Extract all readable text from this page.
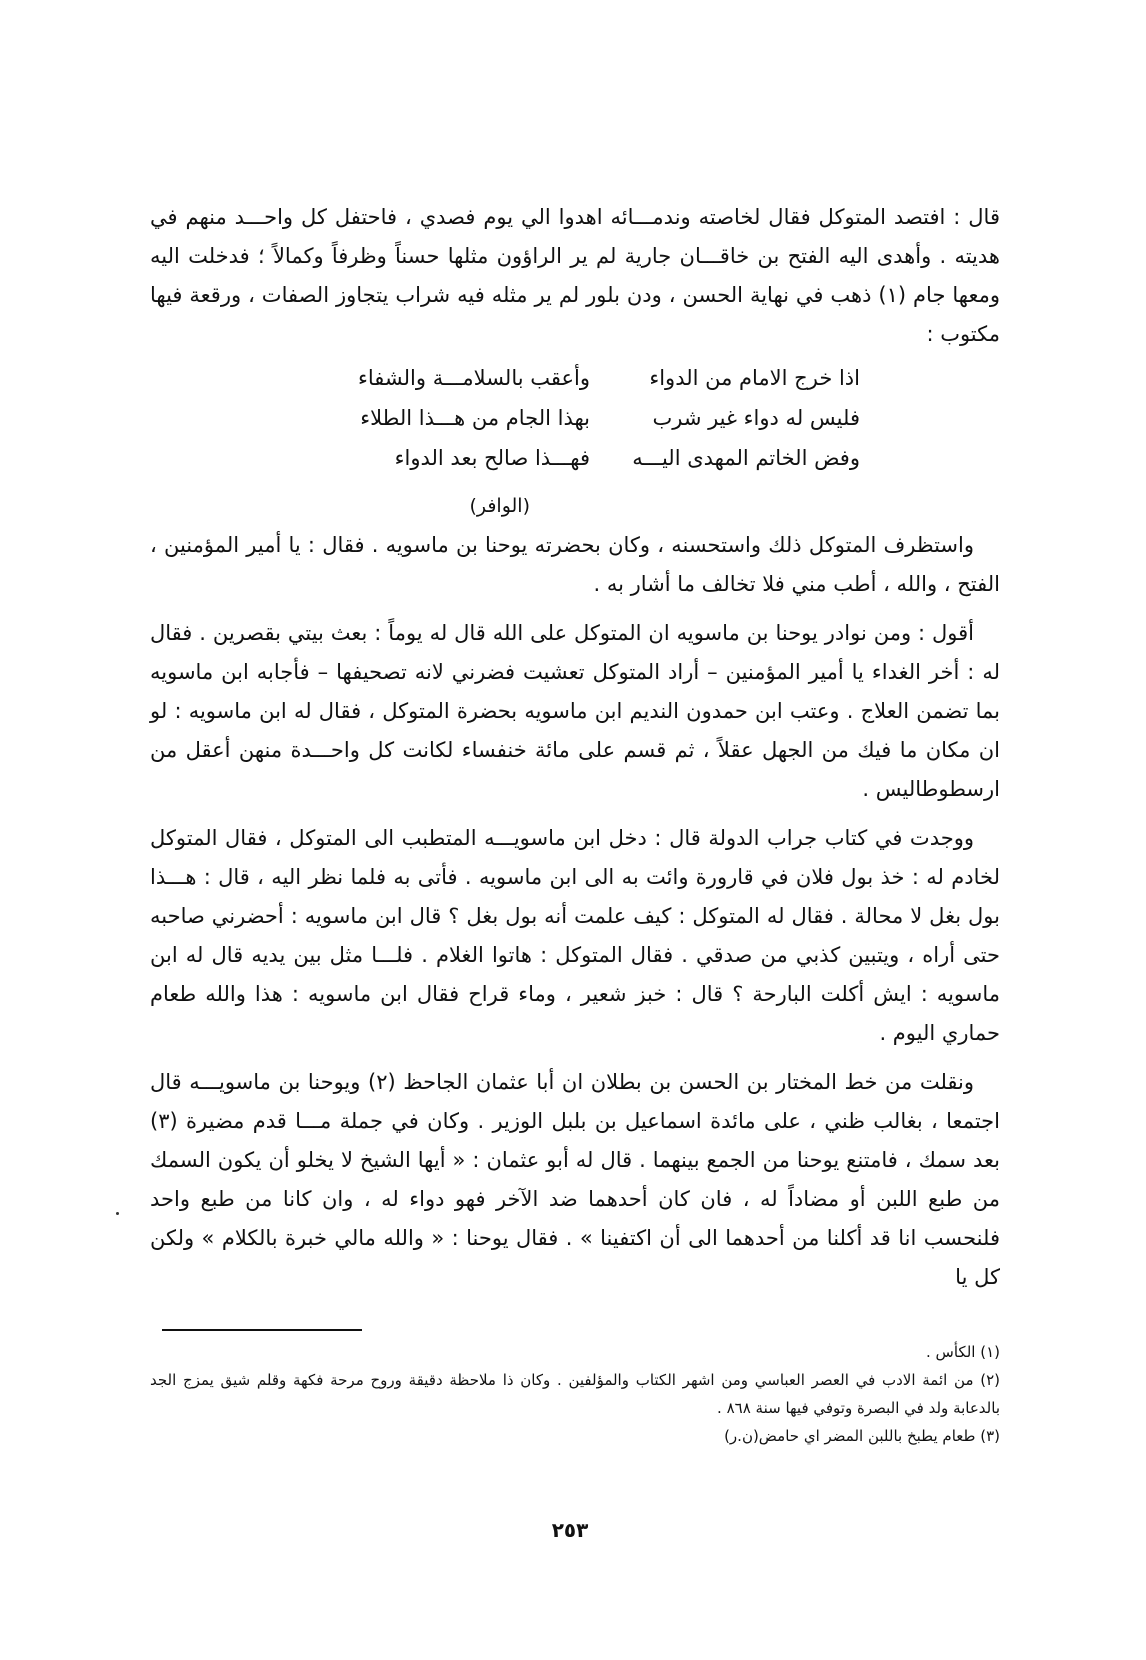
قال : افتصد المتوكل فقال لخاصته وندمـــائه اهدوا الي يوم فصدي ، فاحتفل كل واحـــد منهم في هديته . وأهدى اليه الفتح بن خاقـــان جارية لم ير الراؤون مثلها حسناً وظرفاً وكمالاً ؛ فدخلت اليه ومعها جام (١) ذهب في نهاية الحسن ، ودن بلور لم ير مثله فيه شراب يتجاوز الصفات ، ورقعة فيها مكتوب :

اذا خرج الامام من الدواء
وأعقب بالسلامـــة والشفاء
فليس له دواء غير شرب
بهذا الجام من هـــذا الطلاء
وفض الخاتم المهدى اليـــه
فهـــذا صالح بعد الدواء
(الوافر)

واستظرف المتوكل ذلك واستحسنه ، وكان بحضرته يوحنا بن ماسويه . فقال : يا أمير المؤمنين ، الفتح ، والله ، أطب مني فلا تخالف ما أشار به .

أقول : ومن نوادر يوحنا بن ماسويه ان المتوكل على الله قال له يوماً : بعث بيتي بقصرين . فقال له : أخر الغداء يا أمير المؤمنين – أراد المتوكل تعشيت فضرني لانه تصحيفها – فأجابه ابن ماسويه بما تضمن العلاج . وعتب ابن حمدون النديم ابن ماسويه بحضرة المتوكل ، فقال له ابن ماسويه : لو ان مكان ما فيك من الجهل عقلاً ، ثم قسم على مائة خنفساء لكانت كل واحـــدة منهن أعقل من ارسطوطاليس .

ووجدت في كتاب جراب الدولة قال : دخل ابن ماسويـــه المتطبب الى المتوكل ، فقال المتوكل لخادم له : خذ بول فلان في قارورة وائت به الى ابن ماسويه . فأتى به فلما نظر اليه ، قال : هـــذا بول بغل لا محالة . فقال له المتوكل : كيف علمت أنه بول بغل ؟ قال ابن ماسويه : أحضرني صاحبه حتى أراه ، ويتبين كذبي من صدقي . فقال المتوكل : هاتوا الغلام . فلـــا مثل بين يديه قال له ابن ماسويه : ايش أكلت البارحة ؟ قال : خبز شعير ، وماء قراح فقال ابن ماسويه : هذا والله طعام حماري اليوم .

ونقلت من خط المختار بن الحسن بن بطلان ان أبا عثمان الجاحظ (٢) ويوحنا بن ماسويـــه قال اجتمعا ، بغالب ظني ، على مائدة اسماعيل بن بلبل الوزير . وكان في جملة مـــا قدم مضيرة (٣) بعد سمك ، فامتنع يوحنا من الجمع بينهما . قال له أبو عثمان : « أيها الشيخ لا يخلو أن يكون السمك من طبع اللبن أو مضاداً له ، فان كان أحدهما ضد الآخر فهو دواء له ، وان كانا من طبع واحد فلنحسب انا قد أكلنا من أحدهما الى أن اكتفينا » . فقال يوحنا : « والله مالي خبرة بالكلام » ولكن كل يا

(١) الكأس .

(٢) من ائمة الادب في العصر العباسي ومن اشهر الكتاب والمؤلفين . وكان ذا ملاحظة دقيقة وروح مرحة فكهة وقلم شيق يمزج الجد بالدعابة ولد في البصرة وتوفي فيها سنة ٨٦٨ .

(٣) طعام يطبخ باللبن المضر اي حامض(ن.ر)

٢٥٣
